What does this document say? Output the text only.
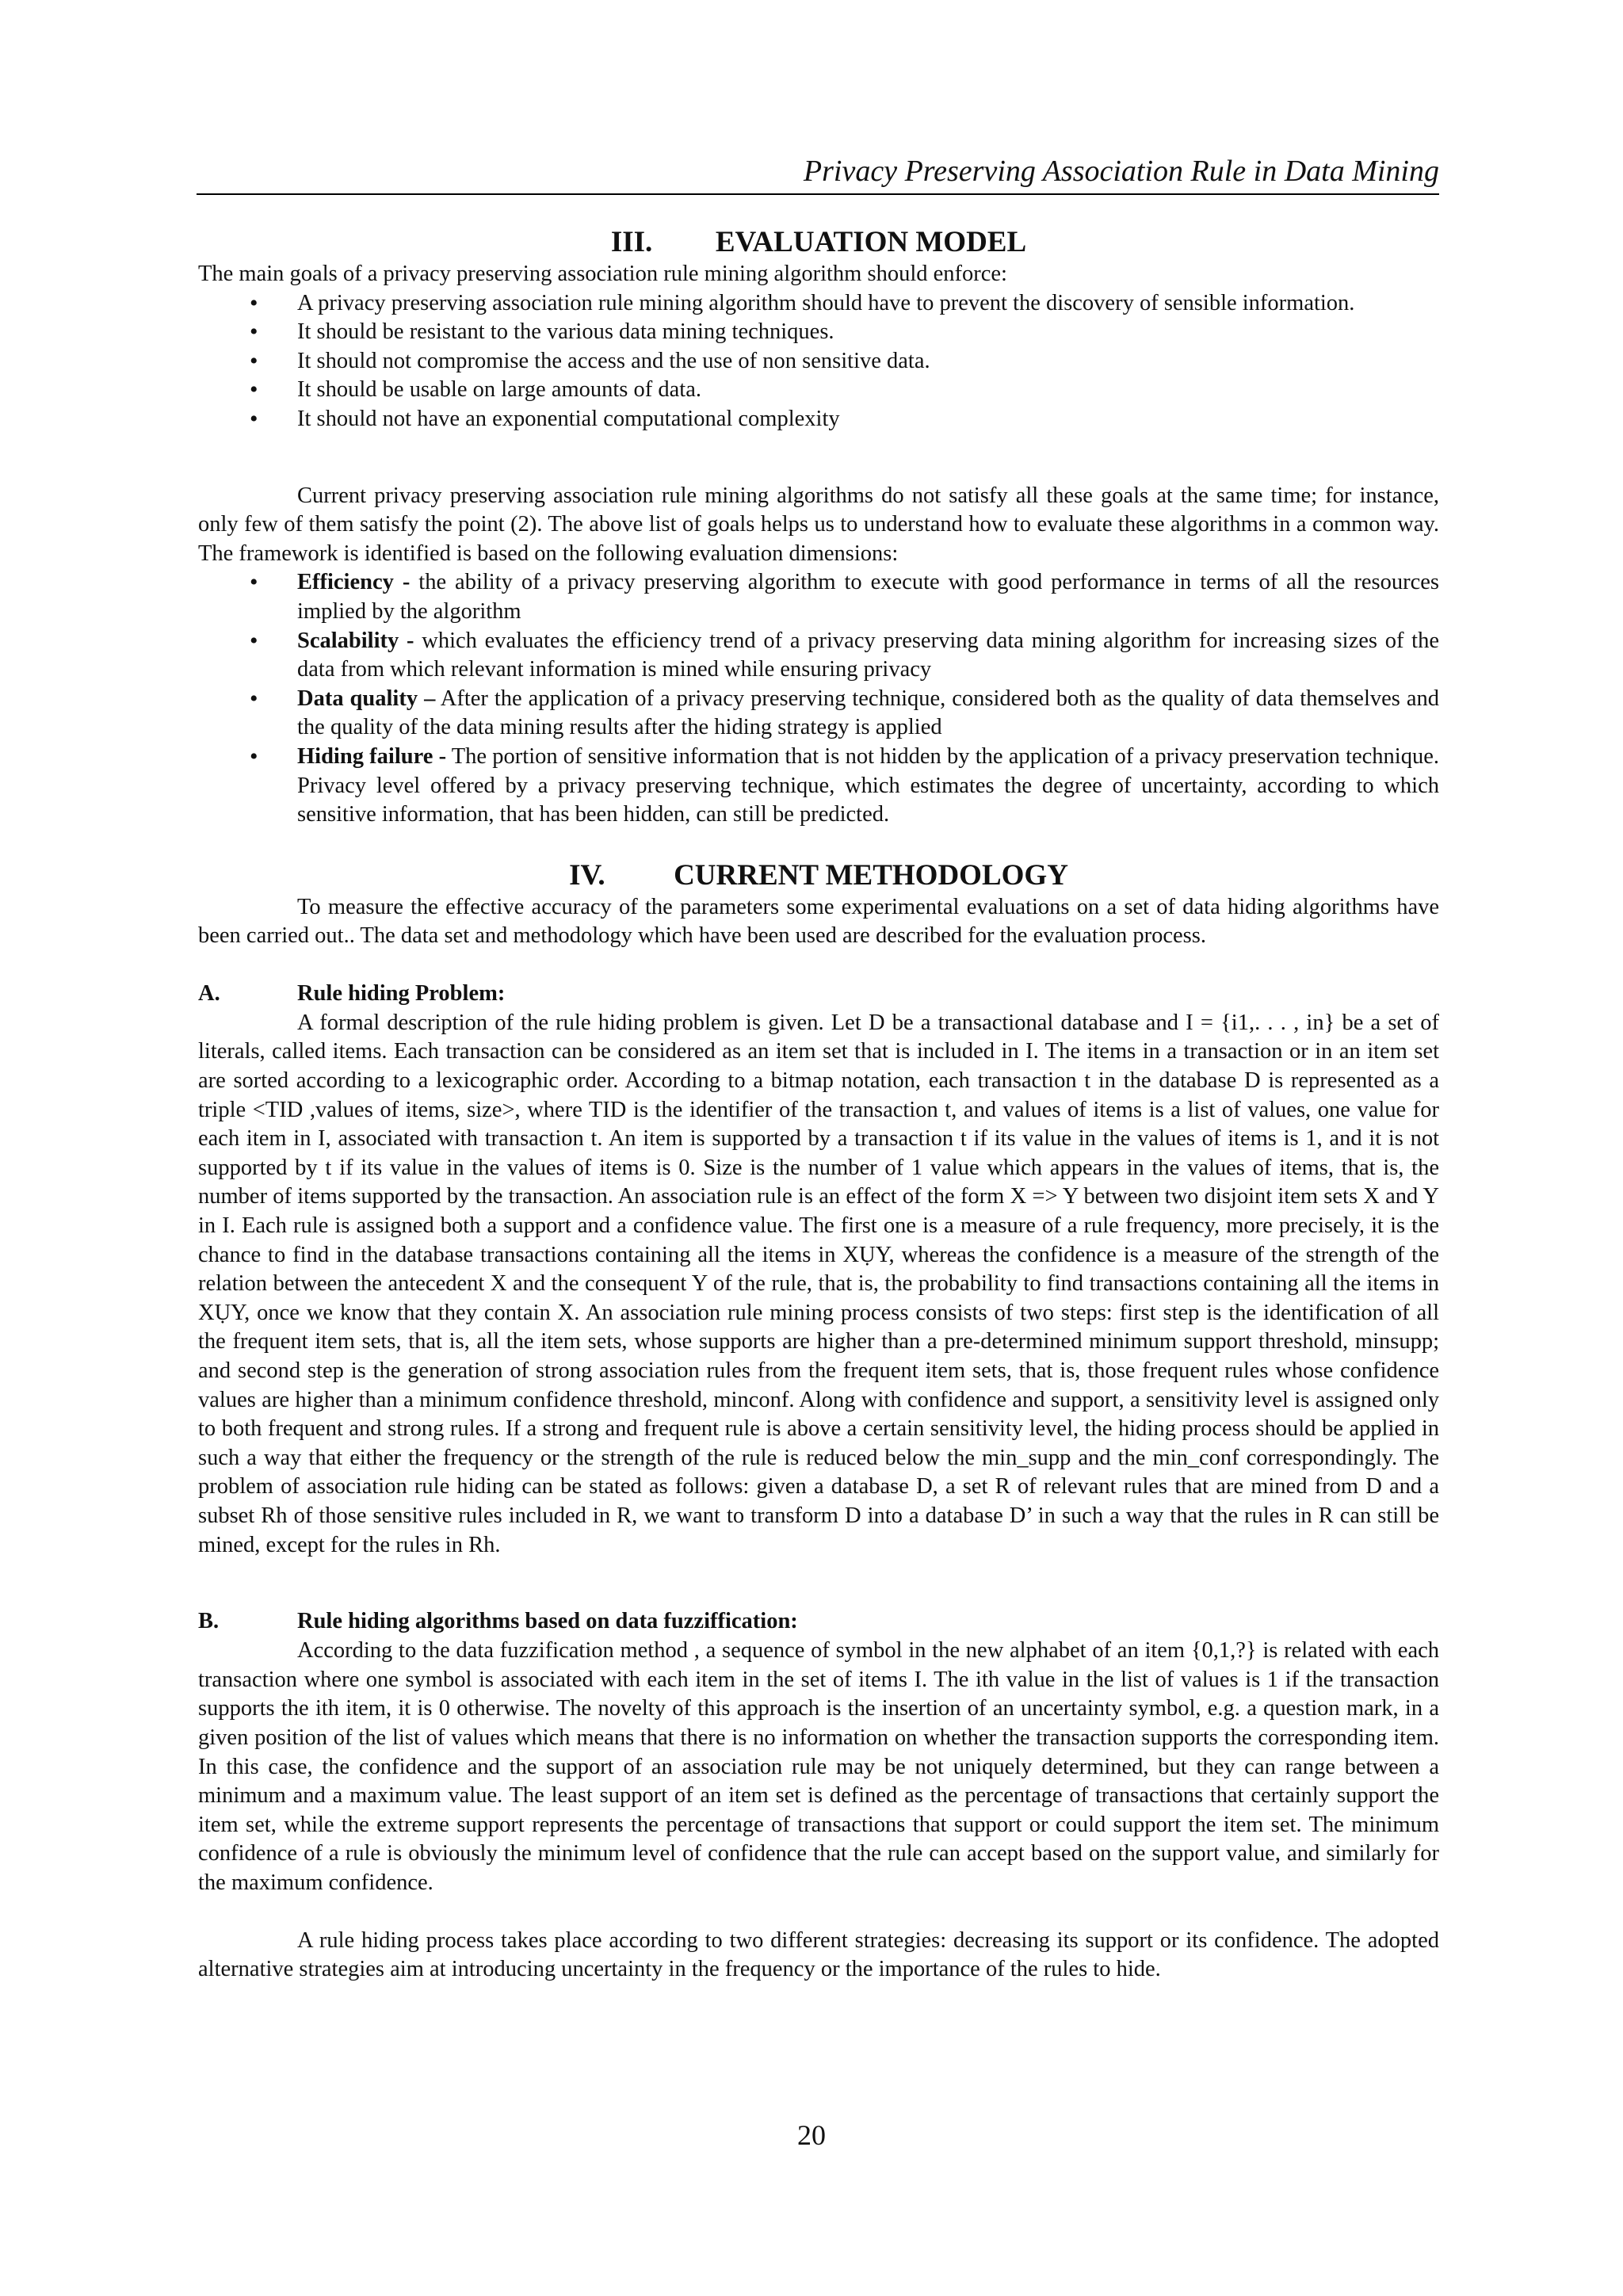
Privacy Preserving Association Rule in Data Mining
III. EVALUATION MODEL

The main goals of a privacy preserving association rule mining algorithm should enforce:

• A privacy preserving association rule mining algorithm should have to prevent the discovery of sensible information.
• It should be resistant to the various data mining techniques.
• It should not compromise the access and the use of non sensitive data.
• It should be usable on large amounts of data.
• It should not have an exponential computational complexity

Current privacy preserving association rule mining algorithms do not satisfy all these goals at the same time; for instance, only few of them satisfy the point (2). The above list of goals helps us to understand how to evaluate these algorithms in a common way. The framework is identified is based on the following evaluation dimensions:

• Efficiency - the ability of a privacy preserving algorithm to execute with good performance in terms of all the resources implied by the algorithm
• Scalability - which evaluates the efficiency trend of a privacy preserving data mining algorithm for increasing sizes of the data from which relevant information is mined while ensuring privacy
• Data quality – After the application of a privacy preserving technique, considered both as the quality of data themselves and the quality of the data mining results after the hiding strategy is applied
• Hiding failure - The portion of sensitive information that is not hidden by the application of a privacy preservation technique. Privacy level offered by a privacy preserving technique, which estimates the degree of uncertainty, according to which sensitive information, that has been hidden, can still be predicted.
IV. CURRENT METHODOLOGY

To measure the effective accuracy of the parameters some experimental evaluations on a set of data hiding algorithms have been carried out.. The data set and methodology which have been used are described for the evaluation process.

A.	Rule hiding Problem:

A formal description of the rule hiding problem is given. Let D be a transactional database and I = {i1,. . . , in} be a set of literals, called items. Each transaction can be considered as an item set that is included in I. The items in a transaction or in an item set are sorted according to a lexicographic order. According to a bitmap notation, each transaction t in the database D is represented as a triple <TID ,values of items, size>, where TID is the identifier of the transaction t, and values of items is a list of values, one value for each item in I, associated with transaction t. An item is supported by a transaction t if its value in the values of items is 1, and it is not supported by t if its value in the values of items is 0. Size is the number of 1 value which appears in the values of items, that is, the number of items supported by the transaction. An association rule is an effect of the form X => Y between two disjoint item sets X and Y in I. Each rule is assigned both a support and a confidence value. The first one is a measure of a rule frequency, more precisely, it is the chance to find in the database transactions containing all the items in XỤY, whereas the confidence is a measure of the strength of the relation between the antecedent X and the consequent Y of the rule, that is, the probability to find transactions containing all the items in XỤY, once we know that they contain X. An association rule mining process consists of two steps: first step is the identification of all the frequent item sets, that is, all the item sets, whose supports are higher than a pre-determined minimum support threshold, minsupp; and second step is the generation of strong association rules from the frequent item sets, that is, those frequent rules whose confidence values are higher than a minimum confidence threshold, minconf. Along with confidence and support, a sensitivity level is assigned only to both frequent and strong rules. If a strong and frequent rule is above a certain sensitivity level, the hiding process should be applied in such a way that either the frequency or the strength of the rule is reduced below the min_supp and the min_conf correspondingly. The problem of association rule hiding can be stated as follows: given a database D, a set R of relevant rules that are mined from D and a subset Rh of those sensitive rules included in R, we want to transform D into a database D’ in such a way that the rules in R can still be mined, except for the rules in Rh.

B.	Rule hiding algorithms based on data fuzziffication:

According to the data fuzzification method , a sequence of symbol in the new alphabet of an item {0,1,?} is related with each transaction where one symbol is associated with each item in the set of items I. The ith value in the list of values is 1 if the transaction supports the ith item, it is 0 otherwise. The novelty of this approach is the insertion of an uncertainty symbol, e.g. a question mark, in a given position of the list of values which means that there is no information on whether the transaction supports the corresponding item. In this case, the confidence and the support of an association rule may be not uniquely determined, but they can range between a minimum and a maximum value. The least support of an item set is defined as the percentage of transactions that certainly support the item set, while the extreme support represents the percentage of transactions that support or could support the item set. The minimum confidence of a rule is obviously the minimum level of confidence that the rule can accept based on the support value, and similarly for the maximum confidence.

A rule hiding process takes place according to two different strategies: decreasing its support or its confidence. The adopted alternative strategies aim at introducing uncertainty in the frequency or the importance of the rules to hide.

20
